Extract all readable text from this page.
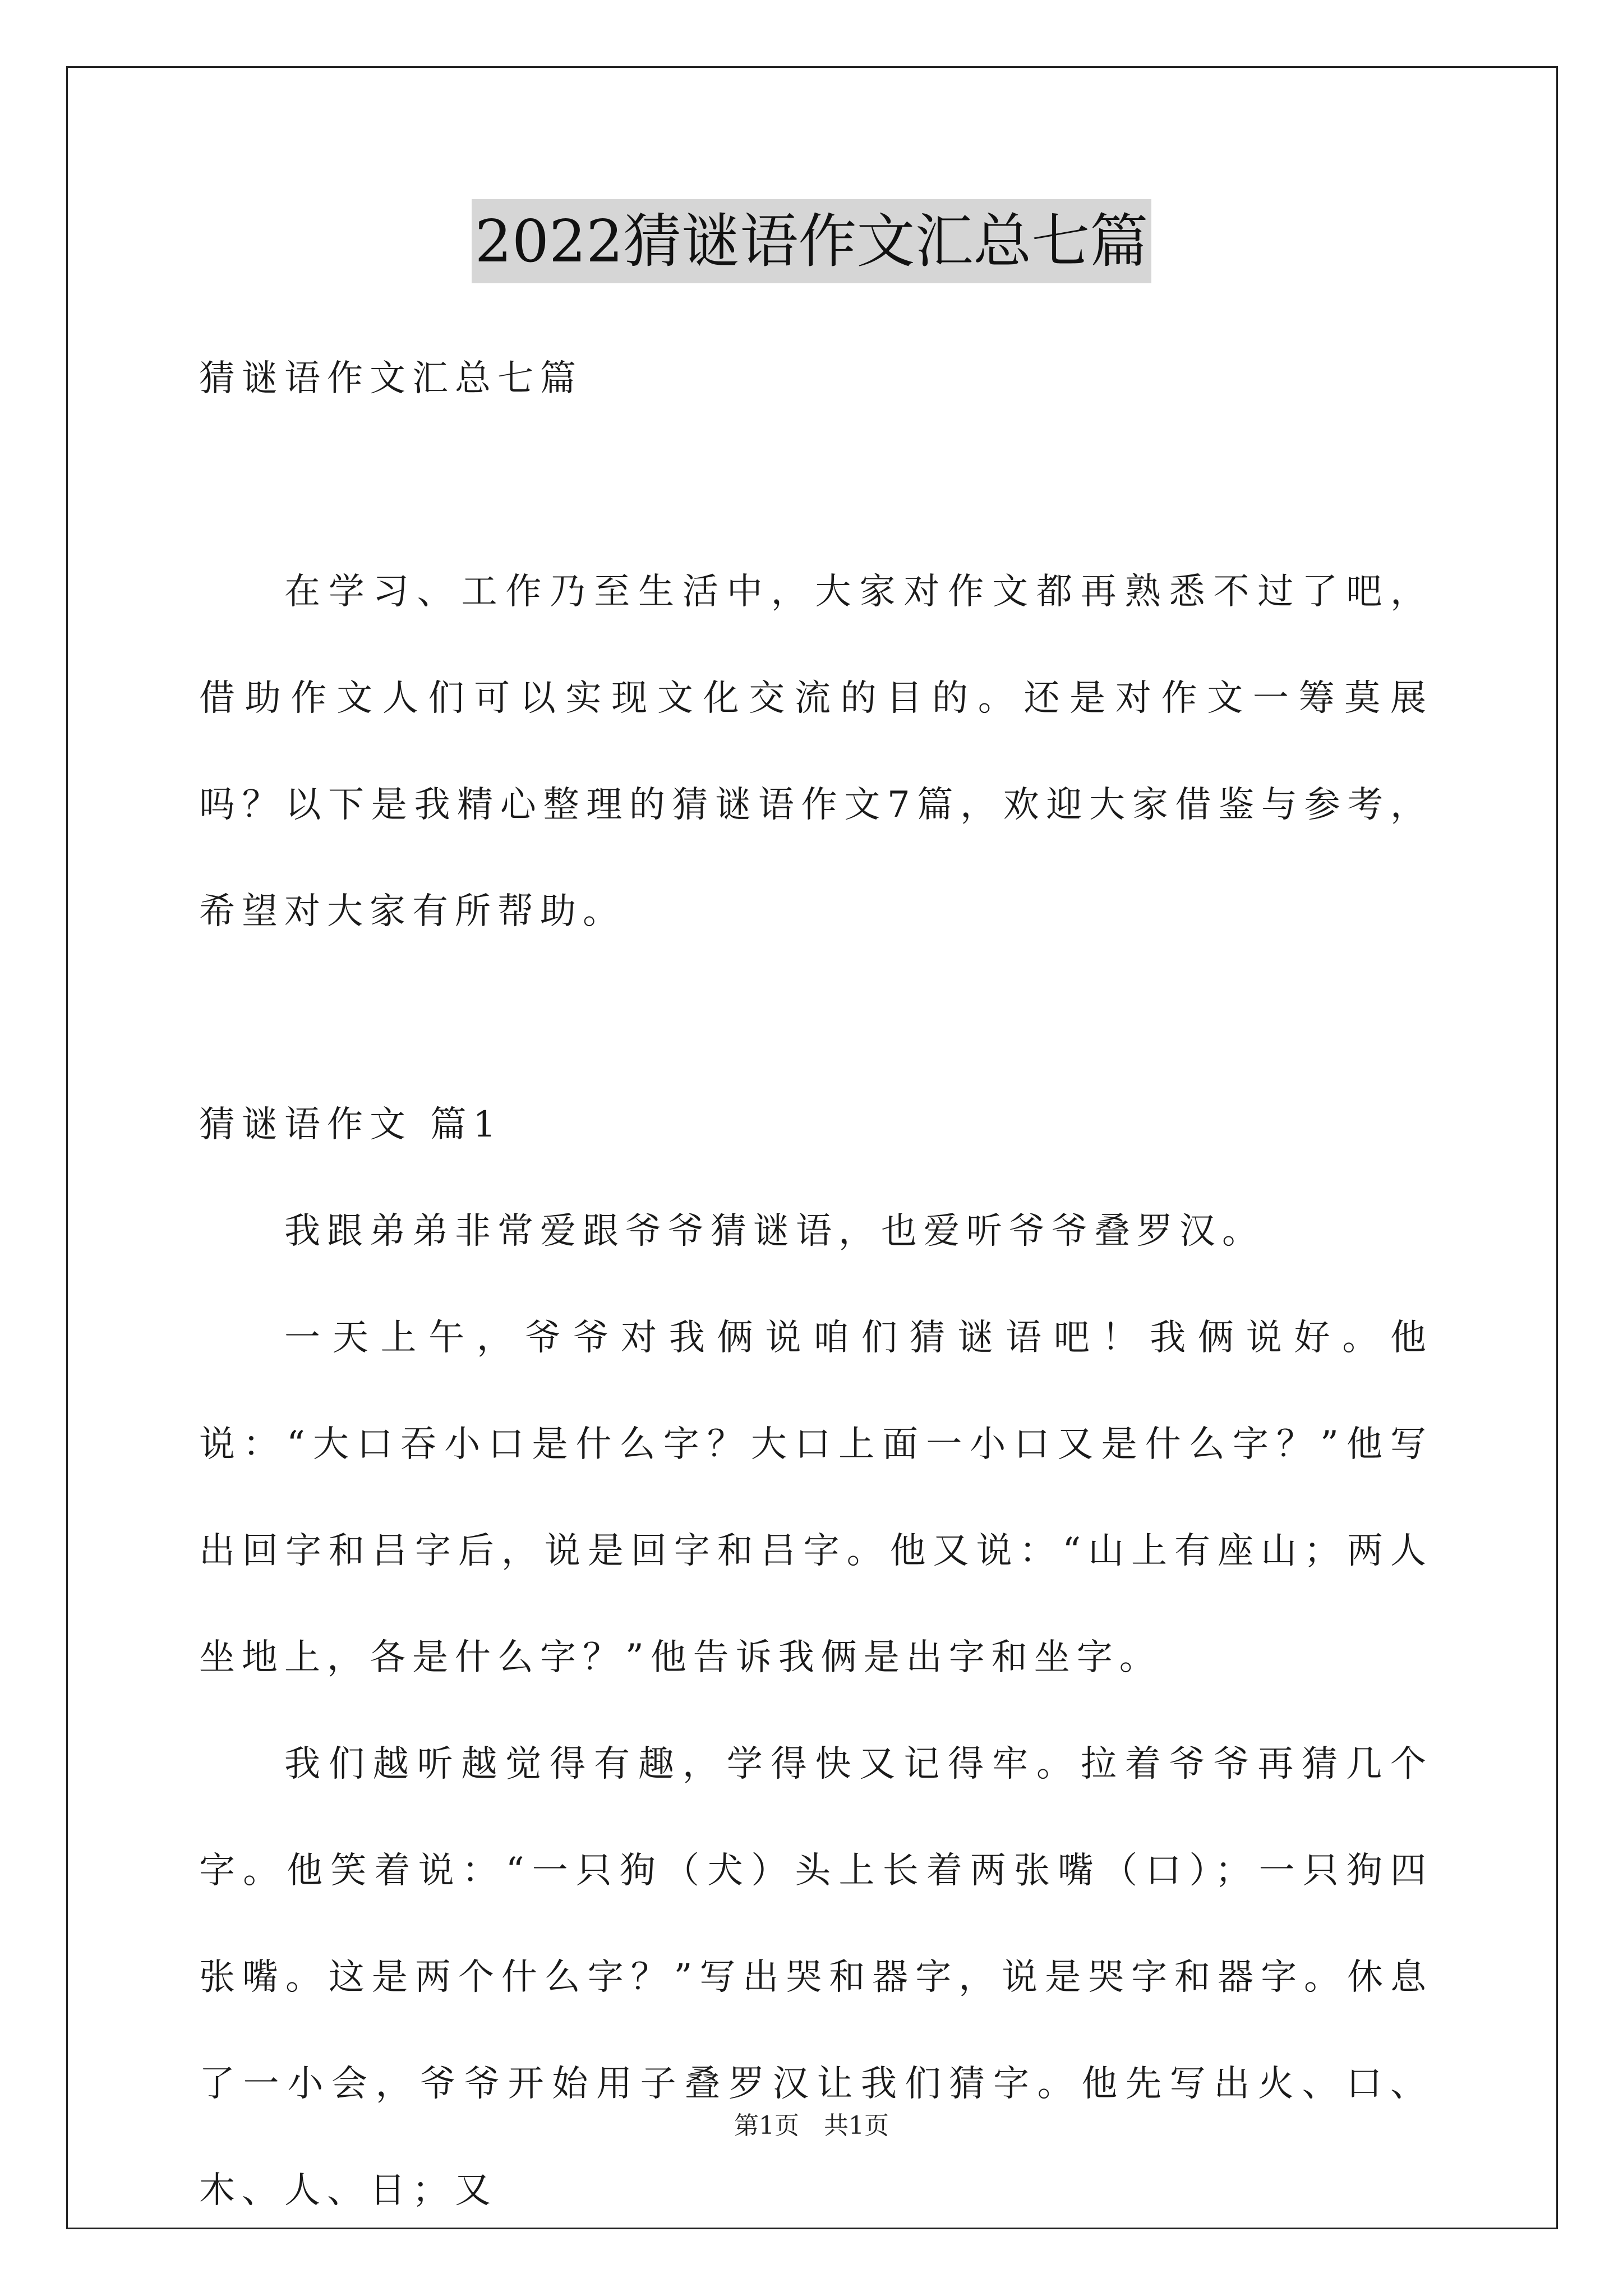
2022猜谜语作文汇总七篇

猜谜语作文汇总七篇

在学习、工作乃至生活中，大家对作文都再熟悉不过了吧，借助作文人们可以实现文化交流的目的。还是对作文一筹莫展吗？以下是我精心整理的猜谜语作文7篇，欢迎大家借鉴与参考，希望对大家有所帮助。

猜谜语作文 篇1

我跟弟弟非常爱跟爷爷猜谜语，也爱听爷爷叠罗汉。

一天上午，爷爷对我俩说咱们猜谜语吧！我俩说好。他说：“大口吞小口是什么字？大口上面一小口又是什么字？”他写出回字和吕字后，说是回字和吕字。他又说：“山上有座山；两人坐地上，各是什么字？”他告诉我俩是出字和坐字。

我们越听越觉得有趣，学得快又记得牢。拉着爷爷再猜几个字。他笑着说：“一只狗（犬）头上长着两张嘴（口）；一只狗四张嘴。这是两个什么字？”写出哭和器字，说是哭字和器字。休息了一小会，爷爷开始用子叠罗汉让我们猜字。他先写出火、口、木、人、日；又

第1页　共1页
